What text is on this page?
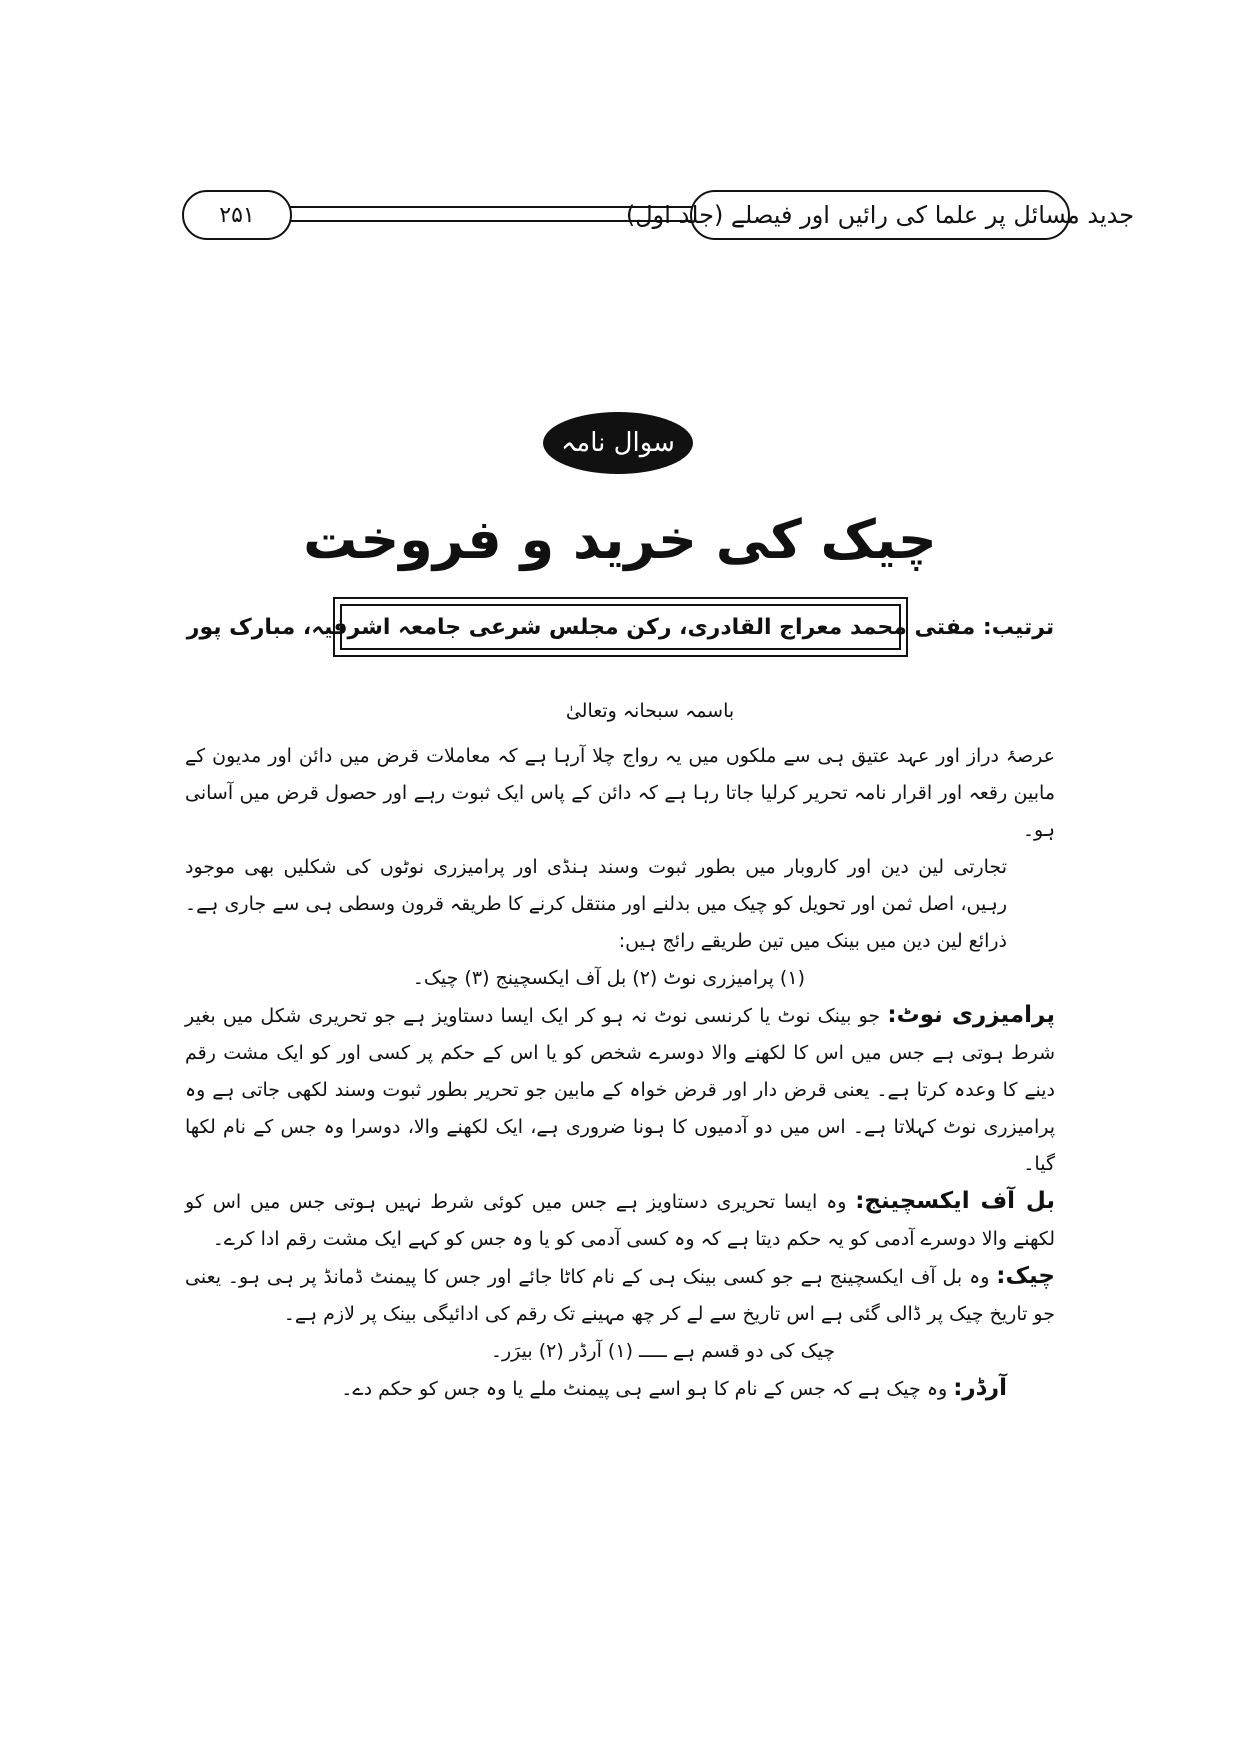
جدید مسائل پر علما کی رائیں اور فیصلے (جلد اول)
۲۵۱
سوال نامہ
چیک کی خرید و فروخت
ترتیب: مفتی محمد معراج القادری، رکن مجلس شرعی جامعہ اشرفیہ، مبارک پور
باسمہ سبحانہ وتعالیٰ

عرصۂ دراز اور عہد عتیق ہی سے ملکوں میں یہ رواج چلا آرہا ہے کہ معاملات قرض میں دائن اور مدیون کے مابین رقعہ اور اقرار نامہ تحریر کرلیا جاتا رہا ہے کہ دائن کے پاس ایک ثبوت رہے اور حصول قرض میں آسانی ہو۔

تجارتی لین دین اور کاروبار میں بطور ثبوت وسند ہنڈی اور پرامیزری نوٹوں کی شکلیں بھی موجود رہیں، اصل ثمن اور تحویل کو چیک میں بدلنے اور منتقل کرنے کا طریقہ قرون وسطی ہی سے جاری ہے۔ ذرائع لین دین میں بینک میں تین طریقے رائج ہیں:

(۱) پرامیزری نوٹ (۲) بل آف ایکسچینج (۳) چیک۔

پرامیزری نوٹ: جو بینک نوٹ یا کرنسی نوٹ نہ ہو کر ایک ایسا دستاویز ہے جو تحریری شکل میں بغیر شرط ہوتی ہے جس میں اس کا لکھنے والا دوسرے شخص کو یا اس کے حکم پر کسی اور کو ایک مشت رقم دینے کا وعدہ کرتا ہے۔ یعنی قرض دار اور قرض خواہ کے مابین جو تحریر بطور ثبوت وسند لکھی جاتی ہے وہ پرامیزری نوٹ کہلاتا ہے۔ اس میں دو آدمیوں کا ہونا ضروری ہے، ایک لکھنے والا، دوسرا وہ جس کے نام لکھا گیا۔

بل آف ایکسچینج: وہ ایسا تحریری دستاویز ہے جس میں کوئی شرط نہیں ہوتی جس میں اس کو لکھنے والا دوسرے آدمی کو یہ حکم دیتا ہے کہ وہ کسی آدمی کو یا وہ جس کو کہے ایک مشت رقم ادا کرے۔

چیک: وہ بل آف ایکسچینج ہے جو کسی بینک ہی کے نام کاٹا جائے اور جس کا پیمنٹ ڈمانڈ پر ہی ہو۔ یعنی جو تاریخ چیک پر ڈالی گئی ہے اس تاریخ سے لے کر چھ مہینے تک رقم کی ادائیگی بینک پر لازم ہے۔

چیک کی دو قسم ہے ـــــ (۱) آرڈر (۲) بیرَر۔

آرڈر: وہ چیک ہے کہ جس کے نام کا ہو اسے ہی پیمنٹ ملے یا وہ جس کو حکم دے۔
